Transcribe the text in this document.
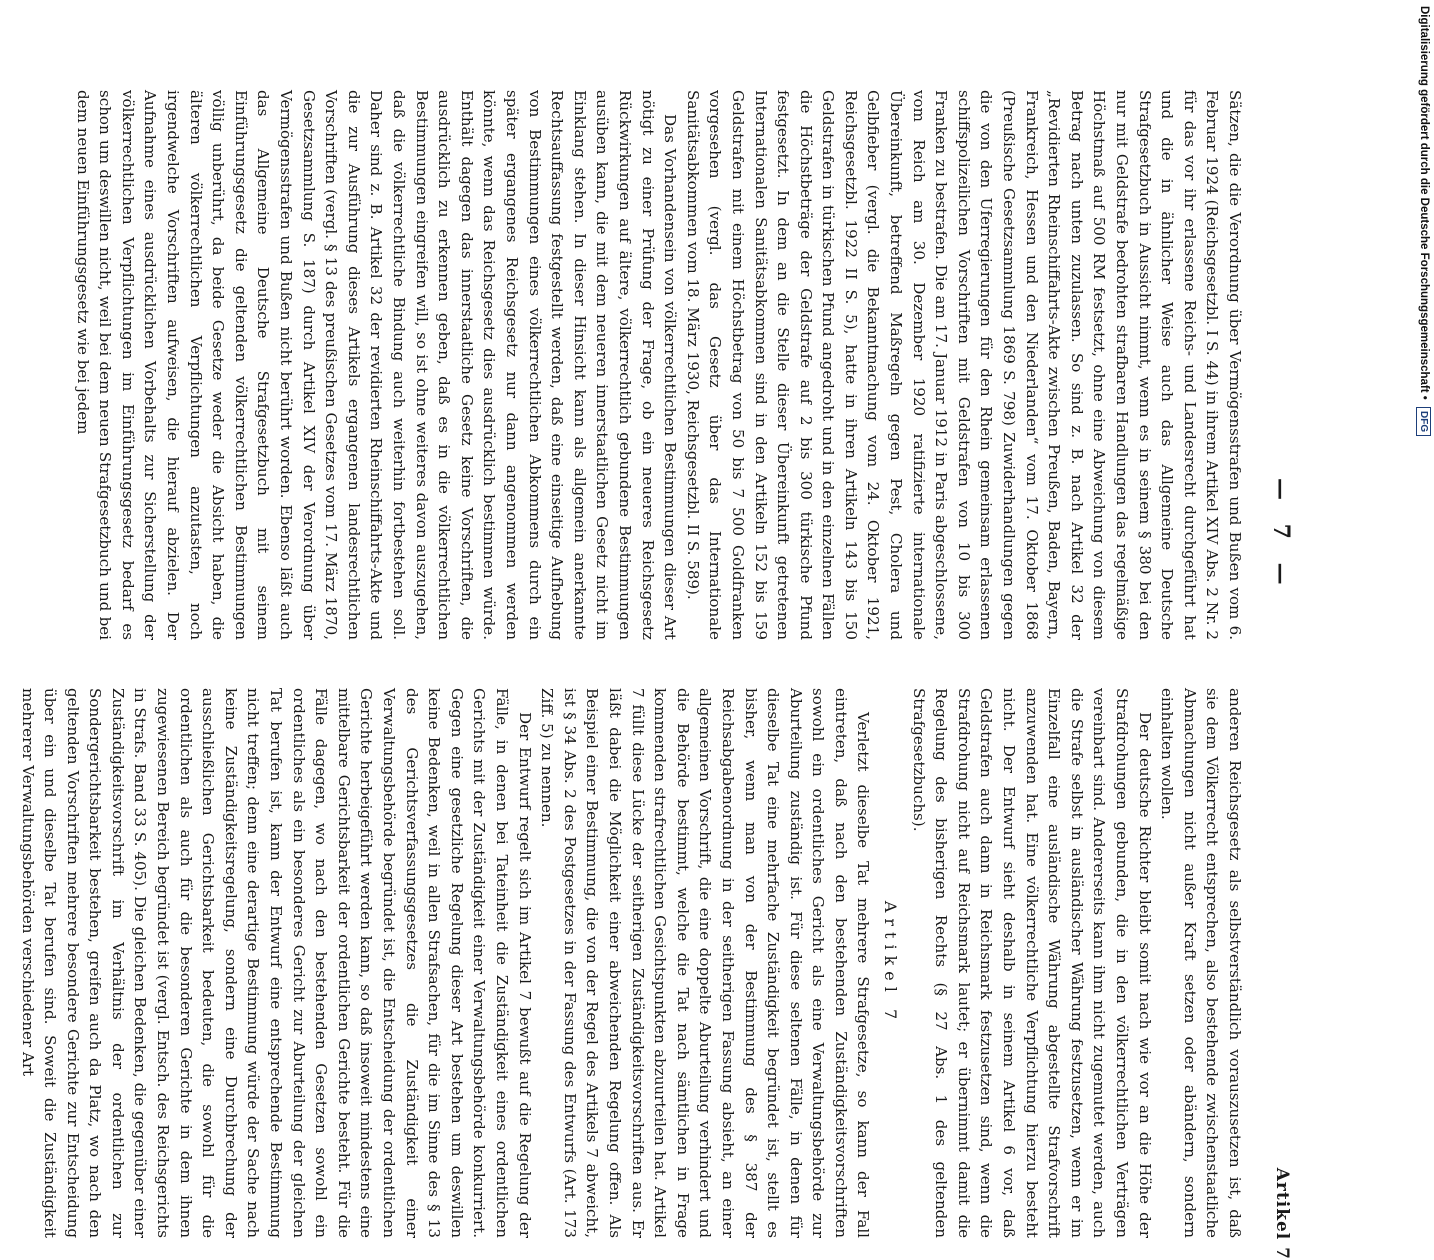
— 7 —
Artikel 7

Sätzen, die die Verordnung über Vermögensstrafen und Bußen vom 6. Februar 1924 (Reichsgesetzbl. I S. 44) in ihrem Artikel XIV Abs. 2 Nr. 2 für das vor ihr erlassene Reichs- und Landesrecht durchgeführt hat und die in ähnlicher Weise auch das Allgemeine Deutsche Strafgesetzbuch in Aussicht nimmt, wenn es in seinem § 380 bei den nur mit Geldstrafe bedrohten strafbaren Handlungen das regelmäßige Höchstmaß auf 500 RM festsetzt, ohne eine Abweichung von diesem Betrag nach unten zuzulassen. So sind z. B. nach Artikel 32 der „Revidierten Rheinschiffahrts-Akte zwischen Preußen, Baden, Bayern, Frankreich, Hessen und den Niederlanden“ vom 17. Oktober 1868 (Preußische Gesetzsammlung 1869 S. 798) Zuwiderhandlungen gegen die von den Uferregierungen für den Rhein gemeinsam erlassenen schiffspolizeilichen Vorschriften mit Geldstrafen von 10 bis 300 Franken zu bestrafen. Die am 17. Januar 1912 in Paris abgeschlossene, vom Reich am 30. Dezember 1920 ratifizierte internationale Übereinkunft, betreffend Maßregeln gegen Pest, Cholera und Gelbfieber (vergl. die Bekanntmachung vom 24. Oktober 1921, Reichsgesetzbl. 1922 II S. 5), hatte in ihren Artikeln 143 bis 150 Geldstrafen in türkischen Pfund angedroht und in den einzelnen Fällen die Höchstbeträge der Geldstrafe auf 2 bis 300 türkische Pfund festgesetzt. In dem an die Stelle dieser Übereinkunft getretenen Internationalen Sanitätsabkommen sind in den Artikeln 152 bis 159 Geldstrafen mit einem Höchstbetrag von 50 bis 7 500 Goldfranken vorgesehen (vergl. das Gesetz über das Internationale Sanitätsabkommen vom 18. März 1930, Reichsgesetzbl. II S. 589).

Das Vorhandensein von völkerrechtlichen Bestimmungen dieser Art nötigt zu einer Prüfung der Frage, ob ein neueres Reichsgesetz Rückwirkungen auf ältere, völkerrechtlich gebundene Bestimmungen ausüben kann, die mit dem neueren innerstaatlichen Gesetz nicht im Einklang stehen. In dieser Hinsicht kann als allgemein anerkannte Rechtsauffassung festgestellt werden, daß eine einseitige Aufhebung von Bestimmungen eines völkerrechtlichen Abkommens durch ein später ergangenes Reichsgesetz nur dann angenommen werden könnte, wenn das Reichsgesetz dies ausdrücklich bestimmen würde. Enthält dagegen das innerstaatliche Gesetz keine Vorschriften, die ausdrücklich zu erkennen geben, daß es in die völkerrechtlichen Bestimmungen eingreifen will, so ist ohne weiteres davon auszugehen, daß die völkerrechtliche Bindung auch weiterhin fortbestehen soll. Daher sind z. B. Artikel 32 der revidierten Rheinschiffahrts-Akte und die zur Ausführung dieses Artikels ergangenen landesrechtlichen Vorschriften (vergl. § 13 des preußischen Gesetzes vom 17. März 1870, Gesetzsammlung S. 187) durch Artikel XIV der Verordnung über Vermögensstrafen und Bußen nicht berührt worden. Ebenso läßt auch das Allgemeine Deutsche Strafgesetzbuch mit seinem Einführungsgesetz die geltenden völkerrechtlichen Bestimmungen völlig unberührt, da beide Gesetze weder die Absicht haben, die älteren völkerrechtlichen Verpflichtungen anzutasten, noch irgendwelche Vorschriften aufweisen, die hierauf abzielen. Der Aufnahme eines ausdrücklichen Vorbehalts zur Sicherstellung der völkerrechtlichen Verpflichtungen im Einführungsgesetz bedarf es schon um deswillen nicht, weil bei dem neuen Strafgesetzbuch und bei dem neuen Einführungsgesetz wie bei jedem

anderen Reichsgesetz als selbstverständlich vorauszusetzen ist, daß sie dem Völkerrecht entsprechen, also bestehende zwischenstaatliche Abmachungen nicht außer Kraft setzen oder abändern, sondern einhalten wollen.

Der deutsche Richter bleibt somit nach wie vor an die Höhe der Strafdrohungen gebunden, die in den völkerrechtlichen Verträgen vereinbart sind. Andererseits kann ihm nicht zugemutet werden, auch die Strafe selbst in ausländischer Währung festzusetzen, wenn er im Einzelfall eine ausländische Währung abgestellte Strafvorschrift anzuwenden hat. Eine völkerrechtliche Verpflichtung hierzu besteht nicht. Der Entwurf sieht deshalb in seinem Artikel 6 vor, daß Geldstrafen auch dann in Reichsmark festzusetzen sind, wenn die Strafdrohung nicht auf Reichsmark lautet; er übernimmt damit die Regelung des bisherigen Rechts (§ 27 Abs. 1 des geltenden Strafgesetzbuchs).

Artikel 7

Verletzt dieselbe Tat mehrere Strafgesetze, so kann der Fall eintreten, daß nach den bestehenden Zuständigkeitsvorschriften sowohl ein ordentliches Gericht als eine Verwaltungsbehörde zur Aburteilung zuständig ist. Für diese seltenen Fälle, in denen für dieselbe Tat eine mehrfache Zuständigkeit begründet ist, stellt es bisher, wenn man von der Bestimmung des § 387 der Reichsabgabenordnung in der seitherigen Fassung absieht, an einer allgemeinen Vorschrift, die eine doppelte Aburteilung verhindert und die Behörde bestimmt, welche die Tat nach sämtlichen in Frage kommenden strafrechtlichen Gesichtspunkten abzuurteilen hat. Artikel 7 füllt diese Lücke der seitherigen Zuständigkeitsvorschriften aus. Er läßt dabei die Möglichkeit einer abweichenden Regelung offen. Als Beispiel einer Bestimmung, die von der Regel des Artikels 7 abweicht, ist § 34 Abs. 2 des Postgesetzes in der Fassung des Entwurfs (Art. 173 Ziff. 5) zu nennen.

Der Entwurf regelt sich im Artikel 7 bewußt auf die Regelung der Fälle, in denen bei Tateinheit die Zuständigkeit eines ordentlichen Gerichts mit der Zuständigkeit einer Verwaltungsbehörde konkurriert. Gegen eine gesetzliche Regelung dieser Art bestehen um deswillen keine Bedenken, weil in allen Strafsachen, für die im Sinne des § 13 des Gerichtsverfassungsgesetzes die Zuständigkeit einer Verwaltungsbehörde begründet ist, die Entscheidung der ordentlichen Gerichte herbeigeführt werden kann, so daß insoweit mindestens eine mittelbare Gerichtsbarkeit der ordentlichen Gerichte besteht. Für die Fälle dagegen, wo nach den bestehenden Gesetzen sowohl ein ordentliches als ein besonderes Gericht zur Aburteilung der gleichen Tat berufen ist, kann der Entwurf eine entsprechende Bestimmung nicht treffen; denn eine derartige Bestimmung würde der Sache nach keine Zuständigkeitsregelung, sondern eine Durchbrechung der ausschließlichen Gerichtsbarkeit bedeuten, die sowohl für die ordentlichen als auch für die besonderen Gerichte in dem ihnen zugewiesenen Bereich begründet ist (vergl. Entsch. des Reichsgerichts in Strafs. Band 33 S. 405). Die gleichen Bedenken, die gegenüber einer Zuständigkeitsvorschrift im Verhältnis der ordentlichen zur Sondergerichtsbarkeit bestehen, greifen auch da Platz, wo nach den geltenden Vorschriften mehrere besondere Gerichte zur Entscheidung über ein und dieselbe Tat berufen sind. Soweit die Zuständigkeit mehrerer Verwaltungsbehörden verschiedener Art

Digitalisierung gefördert durch die Deutsche Forschungsgemeinschaft • DFG
